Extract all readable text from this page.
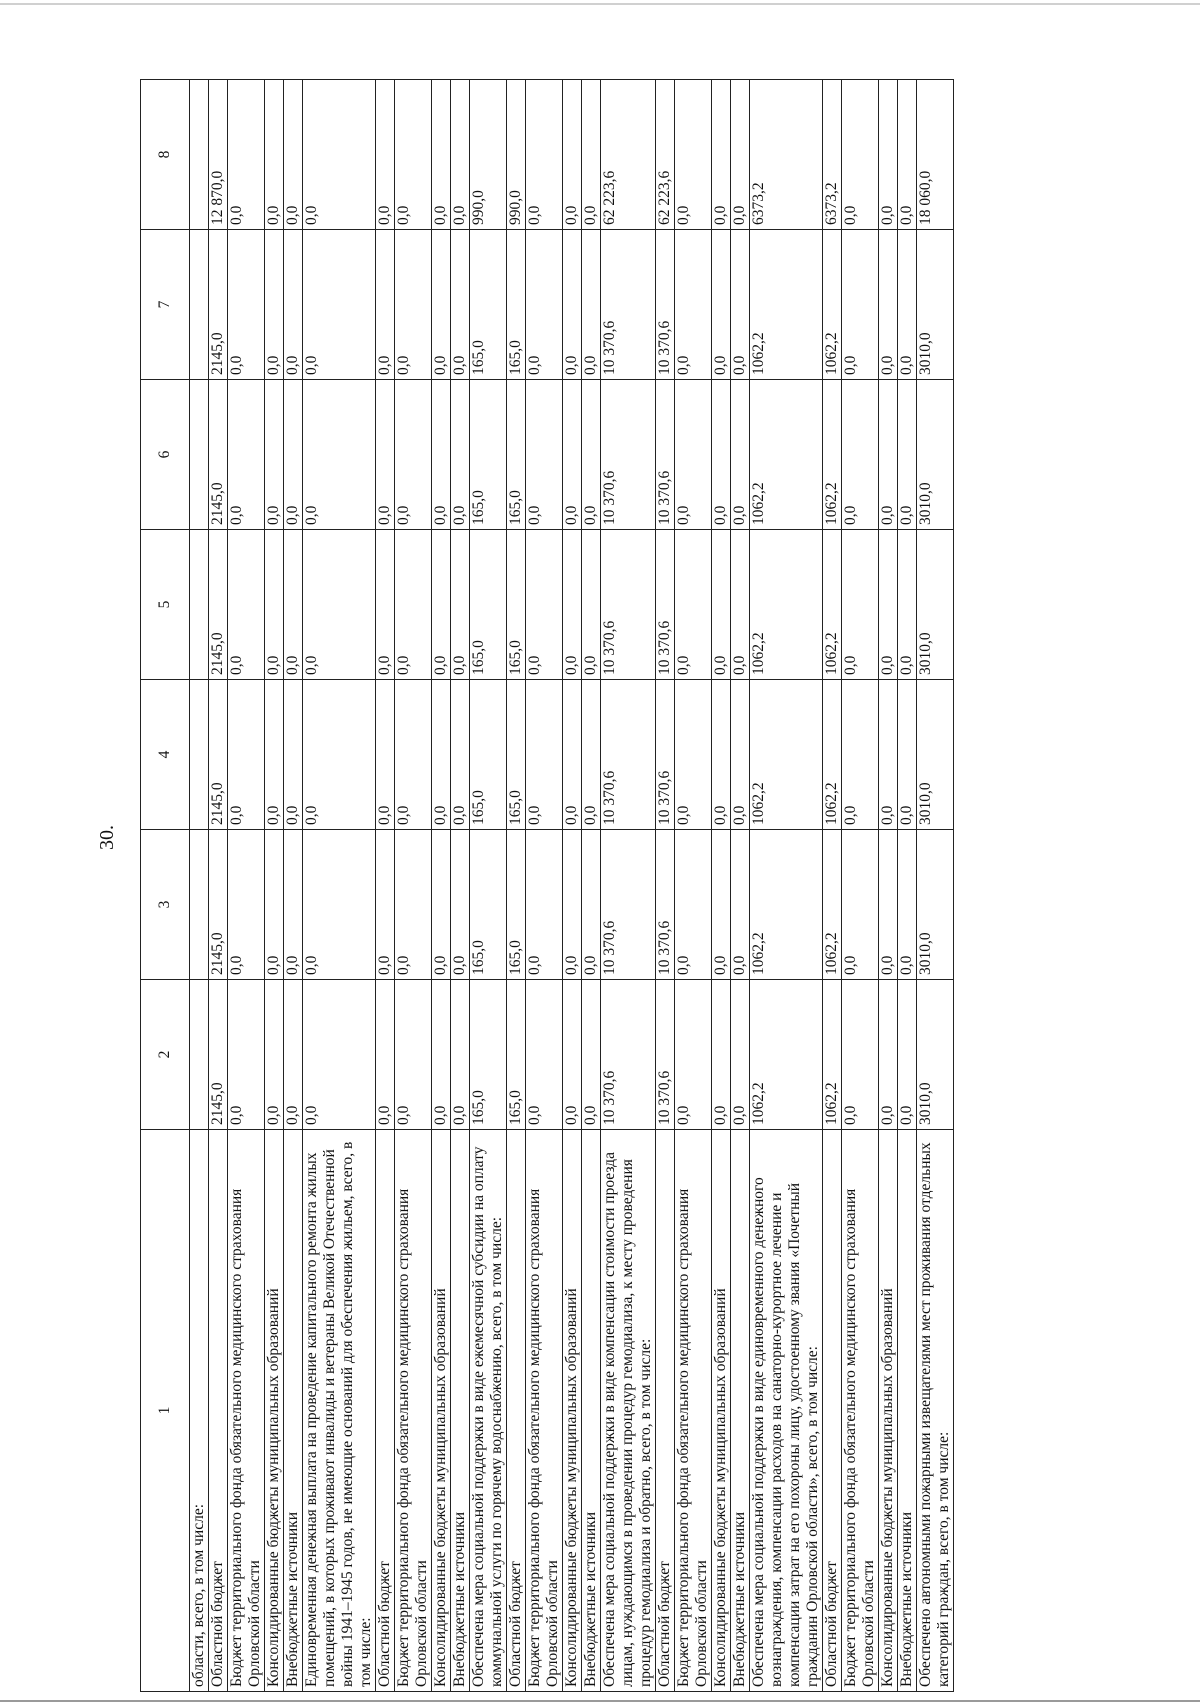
30.
1	2	3	4	5	6	7	8
области, всего, в том числе:							
Областной бюджет	2145,0	2145,0	2145,0	2145,0	2145,0	2145,0	12 870,0
Бюджет территориального фонда обязательного медицинского страхования Орловской области	0,0	0,0	0,0	0,0	0,0	0,0	0,0
Консолидированные бюджеты муниципальных образований	0,0	0,0	0,0	0,0	0,0	0,0	0,0
Внебюджетные источники	0,0	0,0	0,0	0,0	0,0	0,0	0,0
Единовременная денежная выплата на проведение капитального ремонта жилых помещений, в которых проживают инвалиды и ветераны Великой Отечественной войны 1941–1945 годов, не имеющие оснований для обеспечения жильем, всего, в том числе:	0,0	0,0	0,0	0,0	0,0	0,0	0,0
Областной бюджет	0,0	0,0	0,0	0,0	0,0	0,0	0,0
Бюджет территориального фонда обязательного медицинского страхования Орловской области	0,0	0,0	0,0	0,0	0,0	0,0	0,0
Консолидированные бюджеты муниципальных образований	0,0	0,0	0,0	0,0	0,0	0,0	0,0
Внебюджетные источники	0,0	0,0	0,0	0,0	0,0	0,0	0,0
Обеспечена мера социальной поддержки в виде ежемесячной субсидии на оплату коммунальной услуги по горячему водоснабжению, всего, в том числе:	165,0	165,0	165,0	165,0	165,0	165,0	990,0
Областной бюджет	165,0	165,0	165,0	165,0	165,0	165,0	990,0
Бюджет территориального фонда обязательного медицинского страхования Орловской области	0,0	0,0	0,0	0,0	0,0	0,0	0,0
Консолидированные бюджеты муниципальных образований	0,0	0,0	0,0	0,0	0,0	0,0	0,0
Внебюджетные источники	0,0	0,0	0,0	0,0	0,0	0,0	0,0
Обеспечена мера социальной поддержки в виде компенсации стоимости проезда лицам, нуждающимся в проведении процедур гемодиализа, к месту проведения процедур гемодиализа и обратно, всего, в том числе:	10 370,6	10 370,6	10 370,6	10 370,6	10 370,6	10 370,6	62 223,6
Областной бюджет	10 370,6	10 370,6	10 370,6	10 370,6	10 370,6	10 370,6	62 223,6
Бюджет территориального фонда обязательного медицинского страхования Орловской области	0,0	0,0	0,0	0,0	0,0	0,0	0,0
Консолидированные бюджеты муниципальных образований	0,0	0,0	0,0	0,0	0,0	0,0	0,0
Внебюджетные источники	0,0	0,0	0,0	0,0	0,0	0,0	0,0
Обеспечена мера социальной поддержки в виде единовременного денежного вознаграждения, компенсации расходов на санаторно-курортное лечение и компенсации затрат на его похороны лицу, удостоенному звания «Почетный гражданин Орловской области», всего, в том числе:	1062,2	1062,2	1062,2	1062,2	1062,2	1062,2	6373,2
Областной бюджет	1062,2	1062,2	1062,2	1062,2	1062,2	1062,2	6373,2
Бюджет территориального фонда обязательного медицинского страхования Орловской области	0,0	0,0	0,0	0,0	0,0	0,0	0,0
Консолидированные бюджеты муниципальных образований	0,0	0,0	0,0	0,0	0,0	0,0	0,0
Внебюджетные источники	0,0	0,0	0,0	0,0	0,0	0,0	0,0
Обеспечено автономными пожарными извещателями мест проживания отдельных категорий граждан, всего, в том числе:	3010,0	3010,0	3010,0	3010,0	3010,0	3010,0	18 060,0
